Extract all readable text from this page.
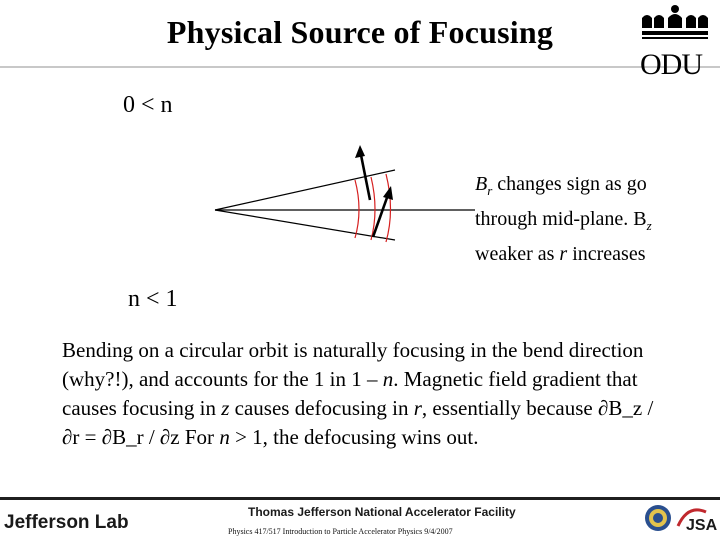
Physical Source of Focusing
ODU
0 < n
n < 1
$B_r$ changes sign as go
through mid-plane. $B_z$
weaker as r increases
Bending on a circular orbit is naturally focusing in the bend direction (why?!), and accounts for the 1 in 1 – n. Magnetic field gradient that causes focusing in z causes defocusing in r, essentially because ∂B_z / ∂r = ∂B_r / ∂z For n > 1, the defocusing wins out.
Jefferson Lab	Thomas Jefferson National Accelerator Facility
Physics 417/517 Introduction to Particle Accelerator Physics 9/4/2007	JSA
